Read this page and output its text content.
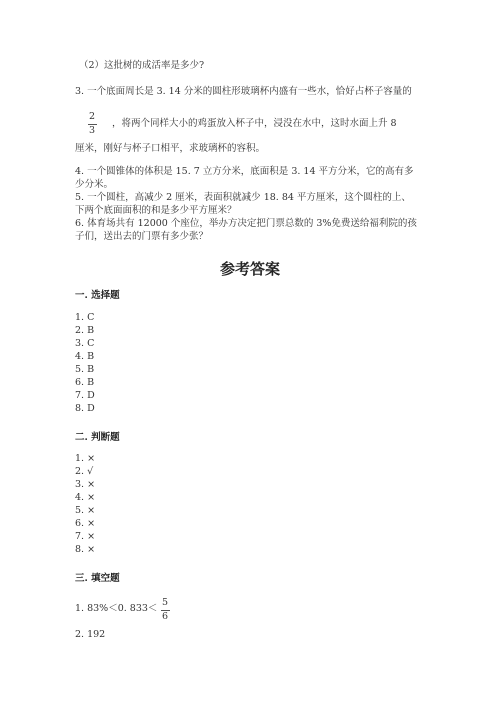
（2）这批树的成活率是多少?
3. 一个底面周长是 3. 14 分米的圆柱形玻璃杯内盛有一些水，恰好占杯子容量的
2
3
，将两个同样大小的鸡蛋放入杯子中，浸没在水中，这时水面上升 8
厘米，刚好与杯子口相平，求玻璃杯的容积。
4. 一个圆锥体的体积是 15. 7 立方分米，底面积是 3. 14 平方分米，它的高有多
少分米。
5. 一个圆柱，高减少 2 厘米，表面积就减少 18. 84 平方厘米，这个圆柱的上、
下两个底面面积的和是多少平方厘米？
6. 体育场共有 12000 个座位，举办方决定把门票总数的 3%免费送给福利院的孩
子们，送出去的门票有多少张？
参考答案
一. 选择题
1. C
2. B
3. C
4. B
5. B
6. B
7. D
8. D
二. 判断题
1. ×
2. √
3. ×
4. ×
5. ×
6. ×
7. ×
8. ×
三. 填空题
1. 83%＜0. 833＜
5
6
2. 192
